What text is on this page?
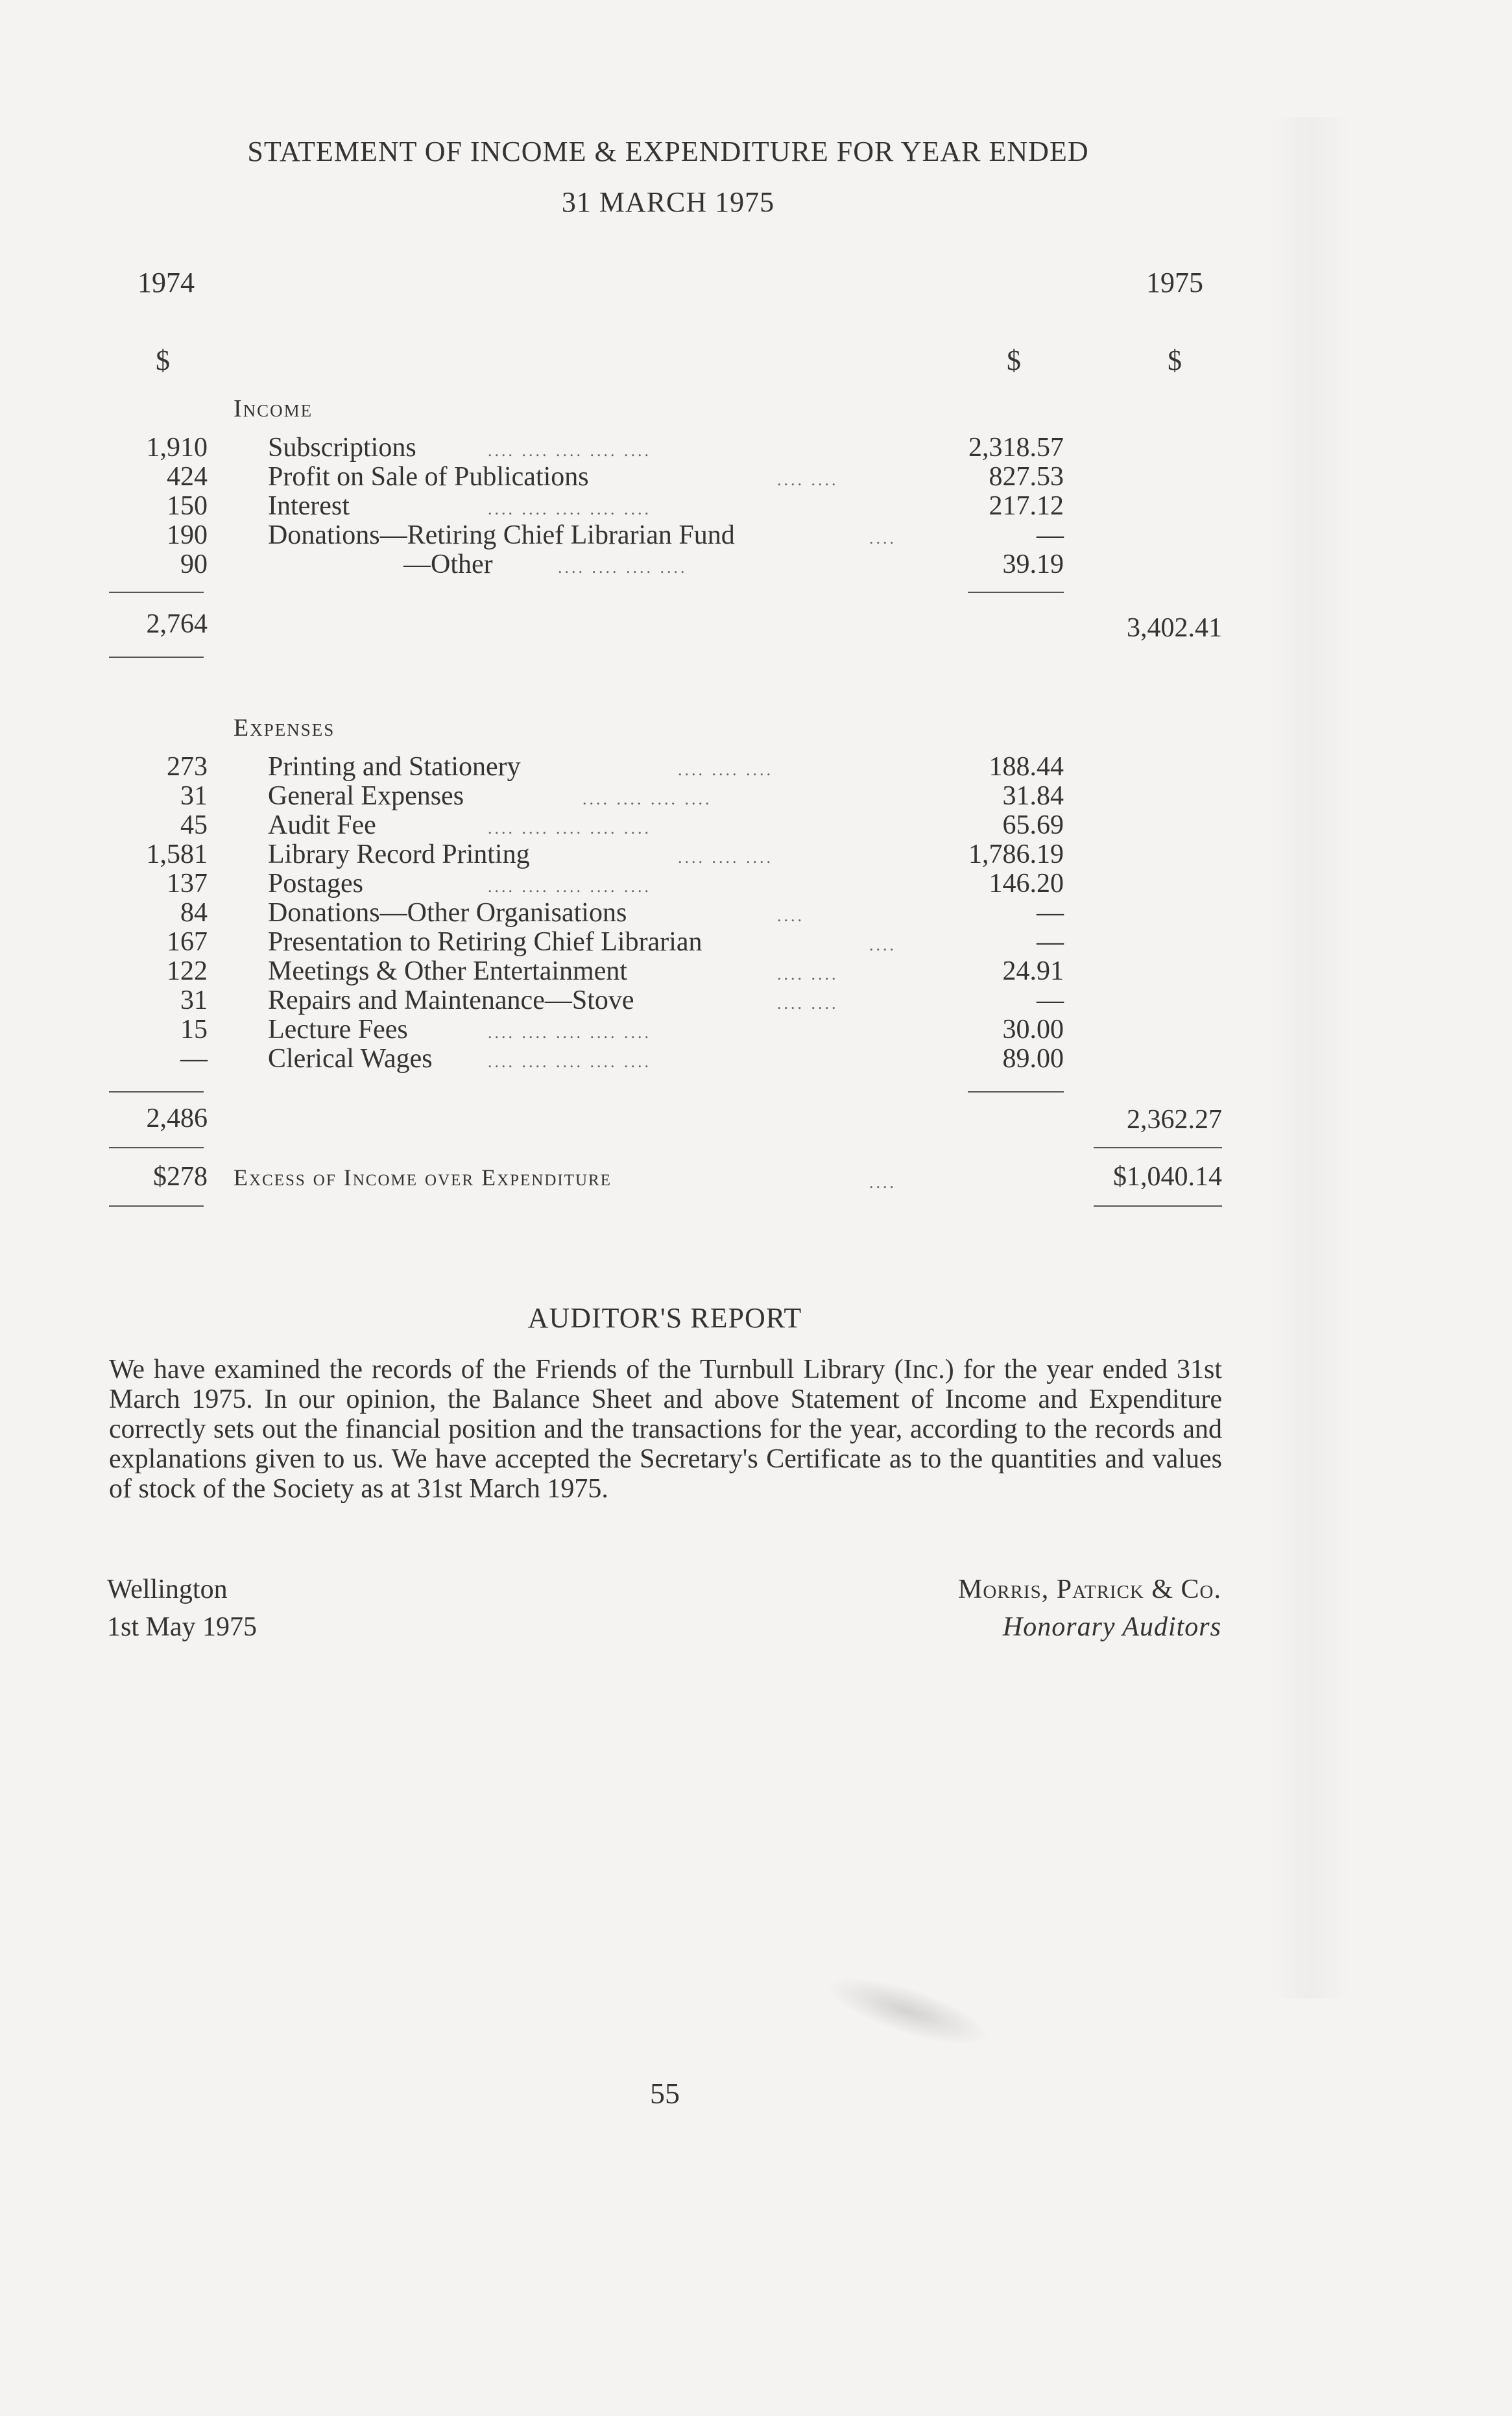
STATEMENT OF INCOME & EXPENDITURE FOR YEAR ENDED
31 MARCH 1975
1974	1975
$	$	$
Income
1,910 Subscriptions	.... .... .... .... ....	2,318.57
424 Profit on Sale of Publications	.... ....	827.53
150 Interest	.... .... .... .... ....	217.12
190 Donations—Retiring Chief Librarian Fund	....	—
90	—Other	.... .... .... ....	39.19
2,764	3,402.41
Expenses
273 Printing and Stationery	.... .... ....	188.44
31 General Expenses	.... .... .... ....	31.84
45 Audit Fee	.... .... .... .... ....	65.69
1,581 Library Record Printing	.... .... ....	1,786.19
137 Postages	.... .... .... .... ....	146.20
84 Donations—Other Organisations	....	—
167 Presentation to Retiring Chief Librarian	....	—
122 Meetings & Other Entertainment	.... ....	24.91
31 Repairs and Maintenance—Stove	.... ....	—
15 Lecture Fees	.... .... .... .... ....	30.00
— Clerical Wages	.... .... .... .... ....	89.00
2,486	2,362.27
$278 Excess of Income over Expenditure	....	$1,040.14
AUDITOR'S REPORT
We have examined the records of the Friends of the Turnbull Library (Inc.) for the year ended 31st March 1975. In our opinion, the Balance Sheet and above Statement of Income and Expenditure correctly sets out the financial position and the transactions for the year, according to the records and explanations given to us. We have accepted the Secretary's Certificate as to the quantities and values of stock of the Society as at 31st March 1975.
Wellington
1st May 1975
Morris, Patrick & Co.
Honorary Auditors
55
